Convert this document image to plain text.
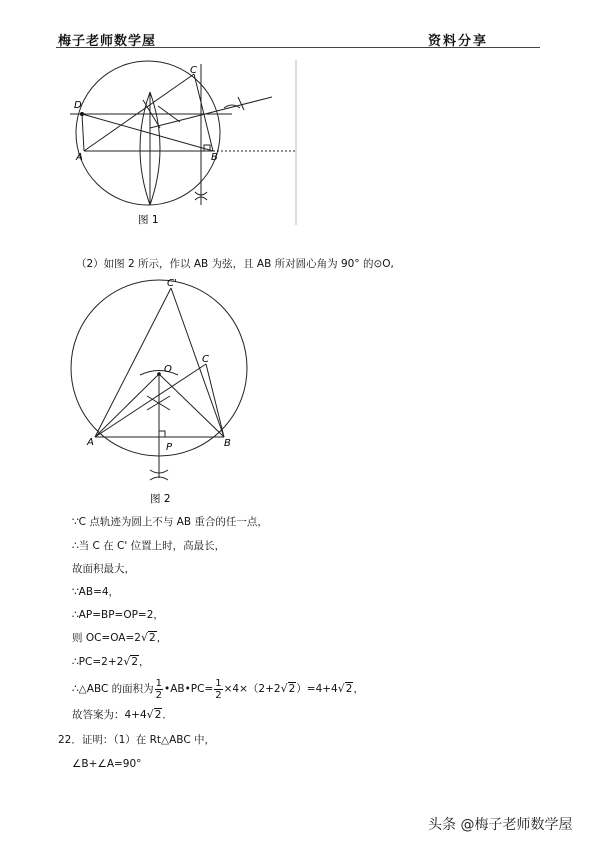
梅子老师数学屋	资料分享
C
D
A	B
图 1
（2）如图 2 所示，作以 AB 为弦，且 AB 所对圆心角为 90° 的⊙O,
C'
O
C
A	B
P
图 2
∵C 点轨迹为圆上不与 AB 重合的任一点，
∴当 C 在 C' 位置上时，高最长，
故面积最大，
∵AB=4，
∴AP=BP=OP=2，
则 OC=OA=2√2，
∴PC=2+2√2，
∴△ABC 的面积为 $\frac{1}{2}$ •AB•PC= $\frac{1}{2} \times 4\times(2+2√2)=4+4√2$，
故答案为：4+4√2．
22．证明：（1）在 Rt△ABC 中，
∠B+∠A=90°
头条 @梅子老师数学屋
